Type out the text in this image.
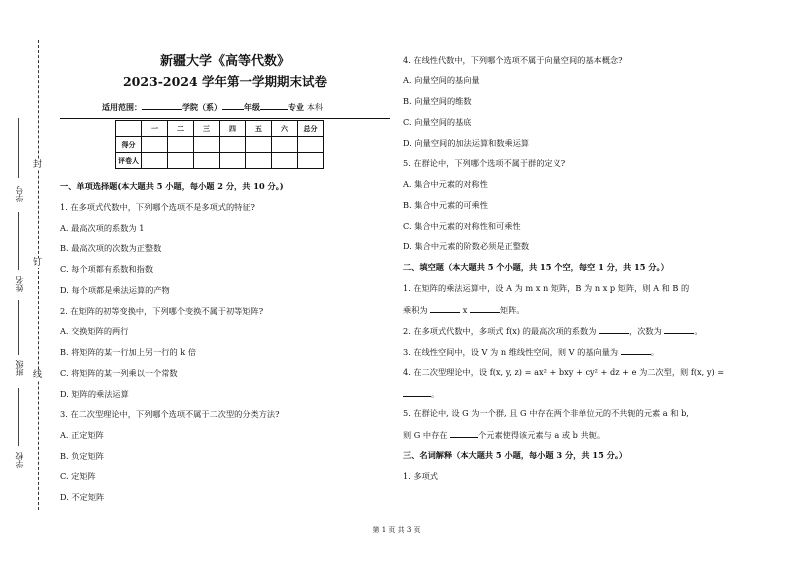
封
钉
线
学号
姓名
班级
学校
新疆大学《高等代数》
2023-2024 学年第一学期期末试卷
适用范围：	学院（系）	年级	专业 本科
	一	二	三	四	五	六	总分
得分							
评卷人							
一、单项选择题(本大题共 5 小题，每小题 2 分，共 10 分。)
1. 在多项式代数中，下列哪个选项不是多项式的特征?
A. 最高次项的系数为 1
B. 最高次项的次数为正整数
C. 每个项都有系数和指数
D. 每个项都是乘法运算的产物
2. 在矩阵的初等变换中，下列哪个变换不属于初等矩阵?
A. 交换矩阵的两行
B. 将矩阵的某一行加上另一行的 k 倍
C. 将矩阵的某一列乘以一个常数
D. 矩阵的乘法运算
3. 在二次型理论中，下列哪个选项不属于二次型的分类方法?
A. 正定矩阵
B. 负定矩阵
C. 定矩阵
D. 不定矩阵
4. 在线性代数中，下列哪个选项不属于向量空间的基本概念?
A. 向量空间的基向量
B. 向量空间的维数
C. 向量空间的基底
D. 向量空间的加法运算和数乘运算
5. 在群论中，下列哪个选项不属于群的定义?
A. 集合中元素的对称性
B. 集合中元素的可乘性
C. 集合中元素的对称性和可乘性
D. 集合中元素的阶数必须是正整数
二、填空题（本大题共 5 个小题，共 15 个空，每空 1 分，共 15 分。）
1. 在矩阵的乘法运算中，设 A 为 m x n 矩阵，B 为 n x p 矩阵，则 A 和 B 的
乘积为	x	矩阵。
2. 在多项式代数中，多项式 f(x) 的最高次项的系数为	，次数为	。
3. 在线性空间中，设 V 为 n 维线性空间，则 V 的基向量为	。
4. 在二次型理论中，设 f(x, y, z) = ax² + bxy + cy² + dz + e 为二次型，则 f(x, y) =
。
5. 在群论中, 设 G 为一个群, 且 G 中存在两个非单位元的不共轭的元素 a 和 b,
则 G 中存在	个元素使得该元素与 a 或 b 共轭。
三、名词解释（本大题共 5 小题，每小题 3 分，共 15 分。）
1. 多项式
第 1 页 共 3 页
